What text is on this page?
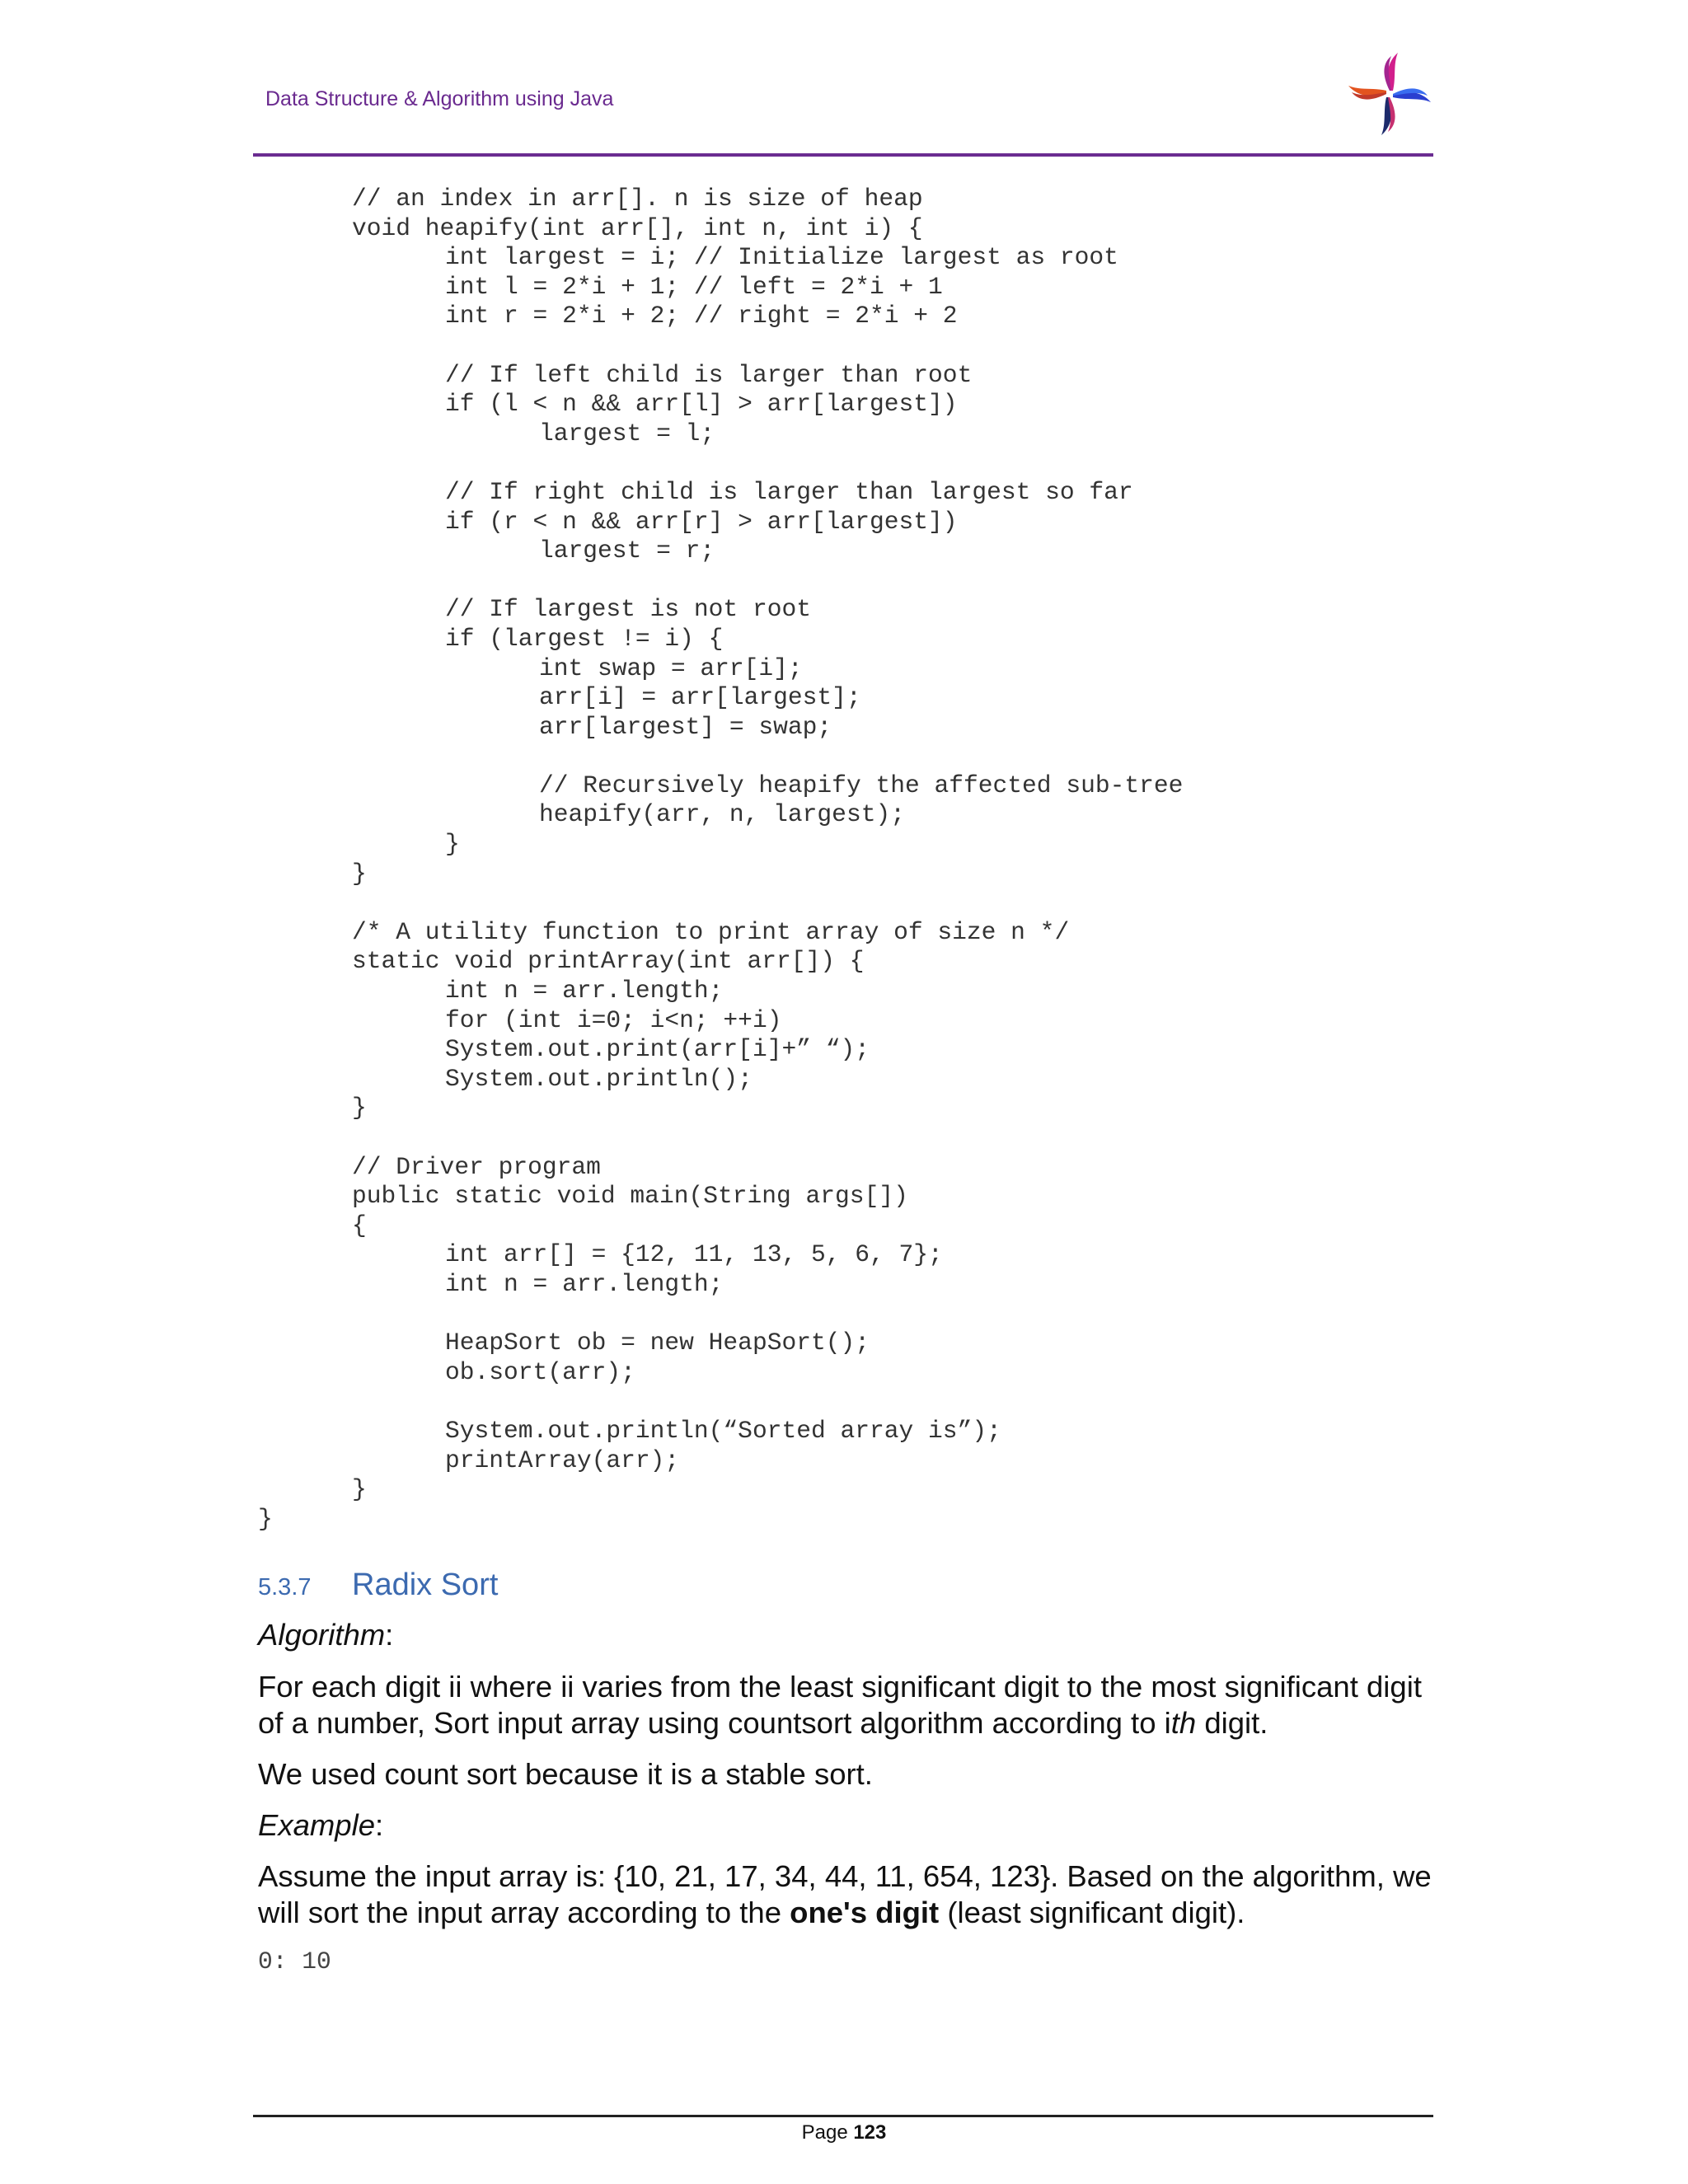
Data Structure & Algorithm using Java
// an index in arr[]. n is size of heap
void heapify(int arr[], int n, int i) {
int largest = i; // Initialize largest as root
int l = 2*i + 1; // left = 2*i + 1
int r = 2*i + 2; // right = 2*i + 2
// If left child is larger than root
if (l < n && arr[l] > arr[largest])
largest = l;
// If right child is larger than largest so far
if (r < n && arr[r] > arr[largest])
largest = r;
// If largest is not root
if (largest != i) {
int swap = arr[i];
arr[i] = arr[largest];
arr[largest] = swap;
// Recursively heapify the affected sub-tree
heapify(arr, n, largest);
}
}
/* A utility function to print array of size n */
static void printArray(int arr[]) {
int n = arr.length;
for (int i=0; i<n; ++i)
System.out.print(arr[i]+” “);
System.out.println();
}
// Driver program
public static void main(String args[])
{
int arr[] = {12, 11, 13, 5, 6, 7};
int n = arr.length;
HeapSort ob = new HeapSort();
ob.sort(arr);
System.out.println(“Sorted array is”);
printArray(arr);
}
}
5.3.7 Radix Sort

Algorithm:

For each digit ii where ii varies from the least significant digit to the most significant digit of a number, Sort input array using countsort algorithm according to ith digit.

We used count sort because it is a stable sort.

Example:

Assume the input array is: {10, 21, 17, 34, 44, 11, 654, 123}. Based on the algorithm, we will sort the input array according to the one's digit (least significant digit).

0: 10
Page 123
